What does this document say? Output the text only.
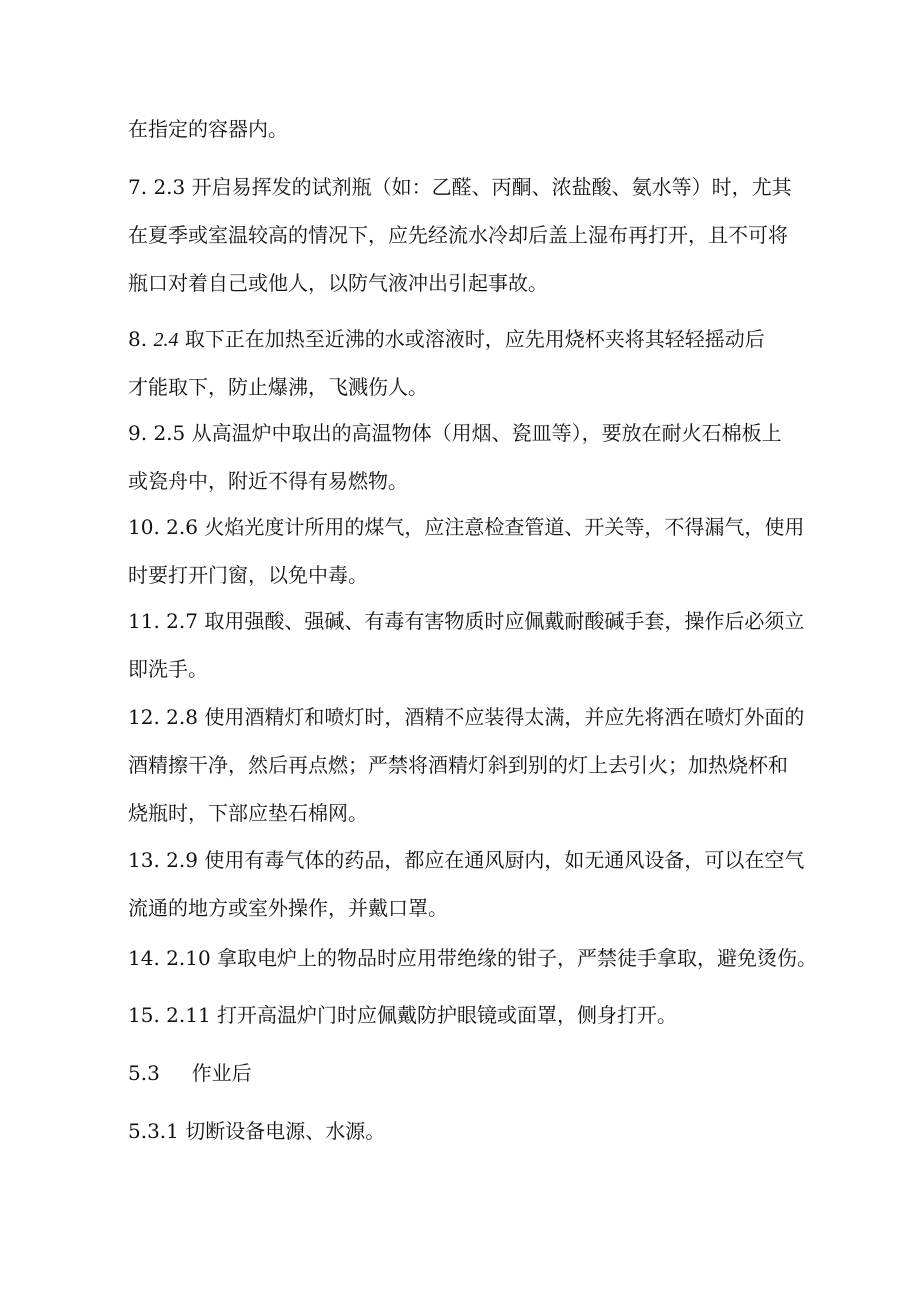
在指定的容器内。

7. 2.3 开启易挥发的试剂瓶（如：乙醛、丙酮、浓盐酸、氨水等）时，尤其
在夏季或室温较高的情况下，应先经流水冷却后盖上湿布再打开，且不可将
瓶口对着自己或他人，以防气液冲出引起事故。

8. 2.4 取下正在加热至近沸的水或溶液时，应先用烧杯夹将其轻轻摇动后
才能取下，防止爆沸，飞溅伤人。

9. 2.5 从高温炉中取出的高温物体（用烟、瓷皿等），要放在耐火石棉板上
或瓷舟中，附近不得有易燃物。

10. 2.6 火焰光度计所用的煤气，应注意检查管道、开关等，不得漏气，使用
时要打开门窗，以免中毒。

11. 2.7 取用强酸、强碱、有毒有害物质时应佩戴耐酸碱手套，操作后必须立
即洗手。

12. 2.8 使用酒精灯和喷灯时，酒精不应装得太满，并应先将洒在喷灯外面的
酒精擦干净，然后再点燃；严禁将酒精灯斜到别的灯上去引火；加热烧杯和
烧瓶时，下部应垫石棉网。

13. 2.9 使用有毒气体的药品，都应在通风厨内，如无通风设备，可以在空气
流通的地方或室外操作，并戴口罩。

14. 2.10 拿取电炉上的物品时应用带绝缘的钳子，严禁徒手拿取，避免烫伤。

15. 2.11 打开高温炉门时应佩戴防护眼镜或面罩，侧身打开。

5.3     作业后

5.3.1 切断设备电源、水源。
